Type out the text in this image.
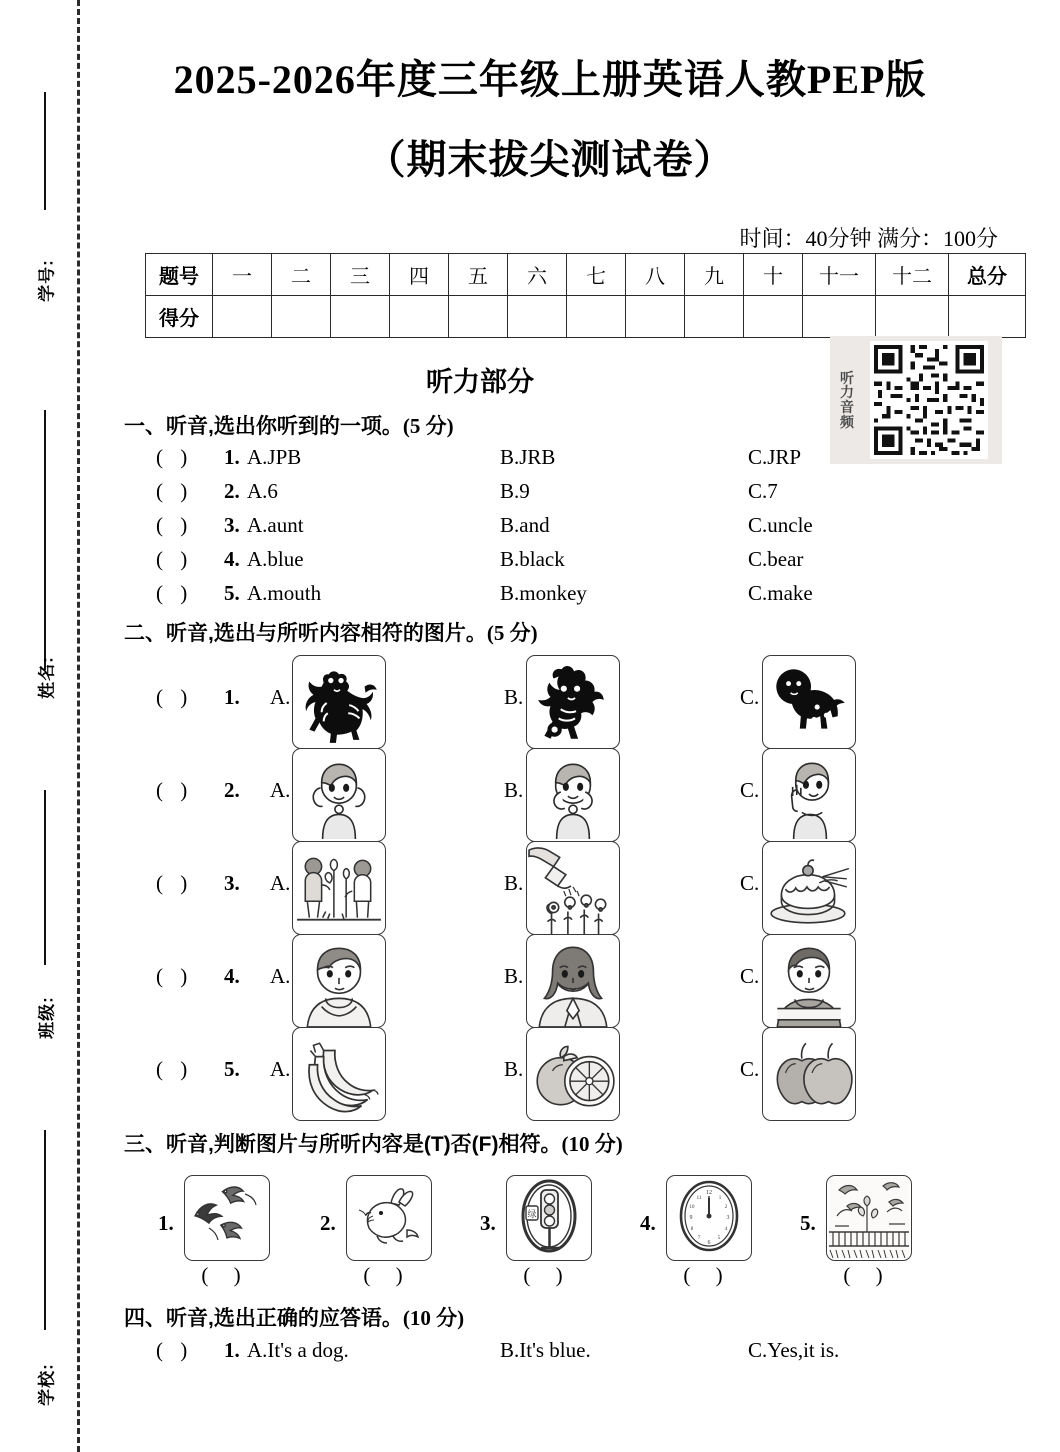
学号:
姓名:
班级:
学校:
2025-2026年度三年级上册英语人教PEP版
（期末拔尖测试卷）
时间：40分钟 满分：100分
题号	一	二	三	四	五	六	七	八	九	十	十一	十二	总分
得分													
听力音频
听力部分
一、听音,选出你听到的一项。(5 分)
( ) 1. A.JPB	B.JRB	C.JRP
( ) 2. A.6	B.9	C.7
( ) 3. A.aunt	B.and	C.uncle
( ) 4. A.blue	B.black	C.bear
( ) 5. A.mouth	B.monkey	C.make
二、听音,选出与所听内容相符的图片。(5 分)
( ) 1. A.	B.	C.
( ) 2. A.	B.	C.
( ) 3. A.	B.	C.
( ) 4. A.	B.	C.
( ) 5. A.	B.	C.
三、听音,判断图片与所听内容是(T)否(F)相符。(10 分)
1.
( )
2.
( )
3.	绿
( )
4.
12
3
6
9
1
2
4
5
7
8
10
11
( )
5.
( )
四、听音,选出正确的应答语。(10 分)
( ) 1. A.It's a dog.	B.It's blue.	C.Yes,it is.
